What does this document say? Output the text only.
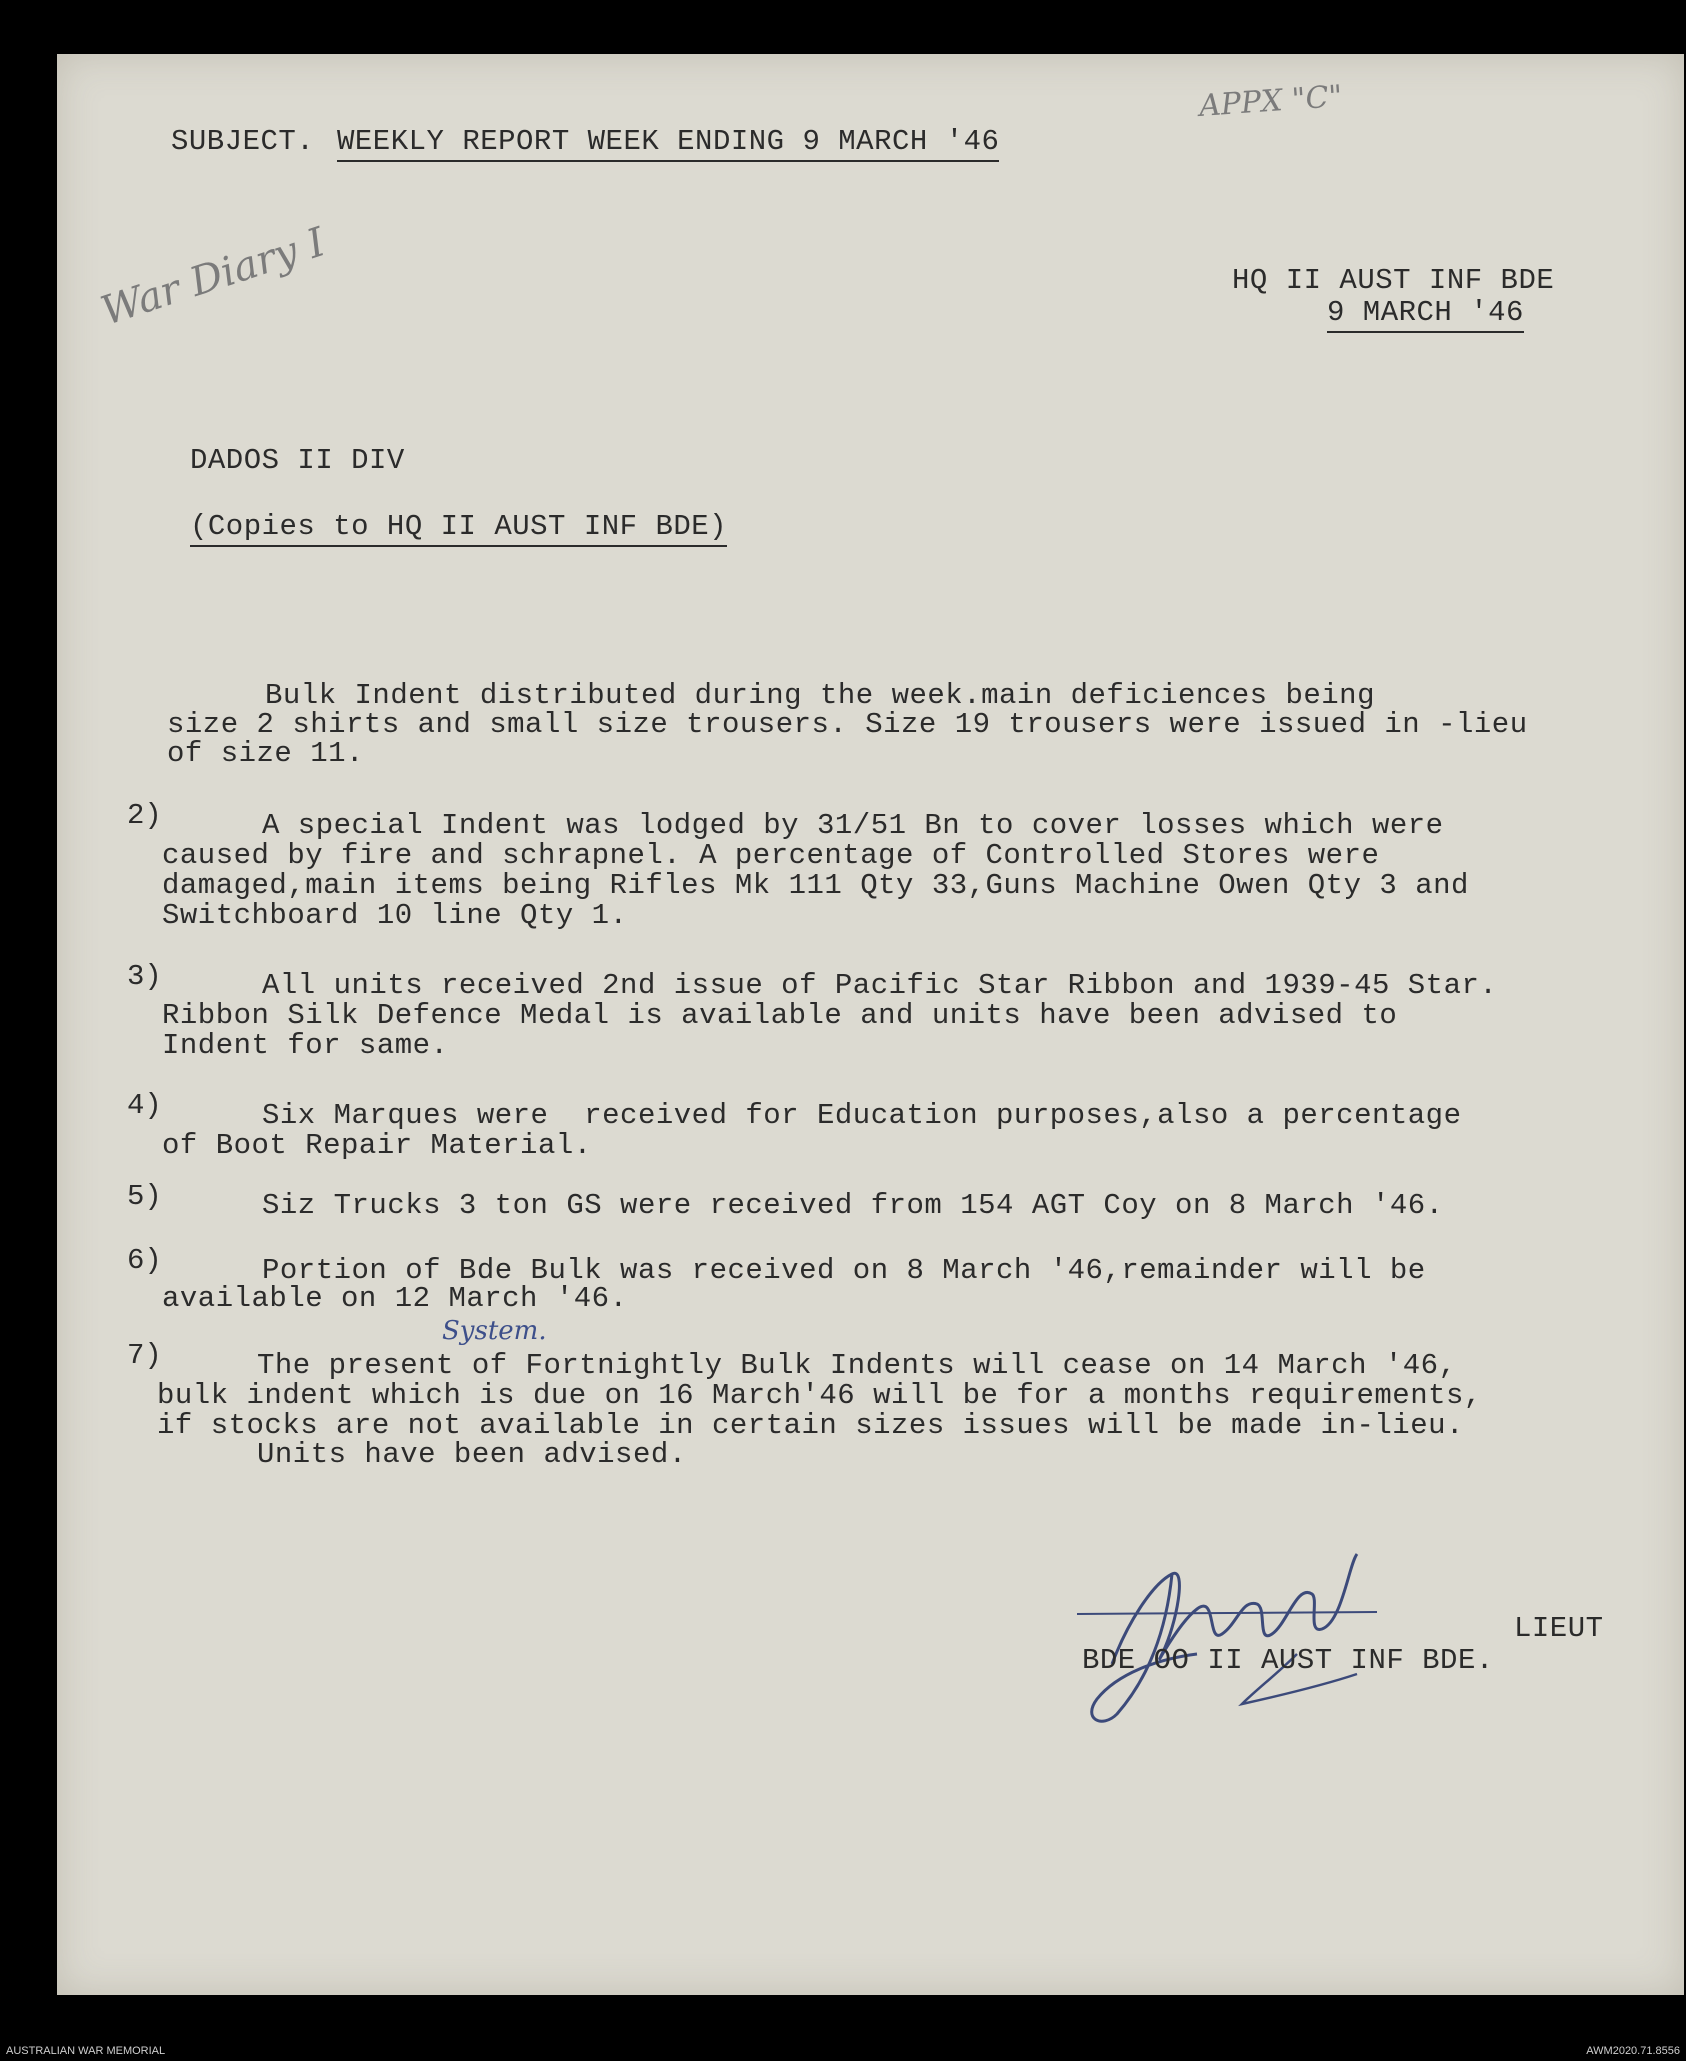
APPX "C"
SUBJECT. WEEKLY REPORT WEEK ENDING 9 MARCH '46
War Diary I	HQ II AUST INF BDE
9 MARCH '46
DADOS II DIV
(Copies to HQ II AUST INF BDE)
Bulk Indent distributed during the week.main deficiences being
size 2 shirts and small size trousers. Size 19 trousers were issued in -lieu
of size 11.
2)	A special Indent was lodged by 31/51 Bn to cover losses which were
caused by fire and schrapnel. A percentage of Controlled Stores were
damaged,main items being Rifles Mk 111 Qty 33,Guns Machine Owen Qty 3 and
Switchboard 10 line Qty 1.
3)	All units received 2nd issue of Pacific Star Ribbon and 1939-45 Star.
Ribbon Silk Defence Medal is available and units have been advised to
Indent for same.
4)	Six Marques were  received for Education purposes,also a percentage
of Boot Repair Material.
5)	Siz Trucks 3 ton GS were received from 154 AGT Coy on 8 March '46.
6)	Portion of Bde Bulk was received on 8 March '46,remainder will be
available on 12 March '46.
System.
7)	The present of Fortnightly Bulk Indents will cease on 14 March '46,
bulk indent which is due on 16 March'46 will be for a months requirements,
if stocks are not available in certain sizes issues will be made in-lieu.
Units have been advised.
LIEUT
BDE OO II AUST INF BDE.
AUSTRALIAN WAR MEMORIAL	AWM2020.71.8556
